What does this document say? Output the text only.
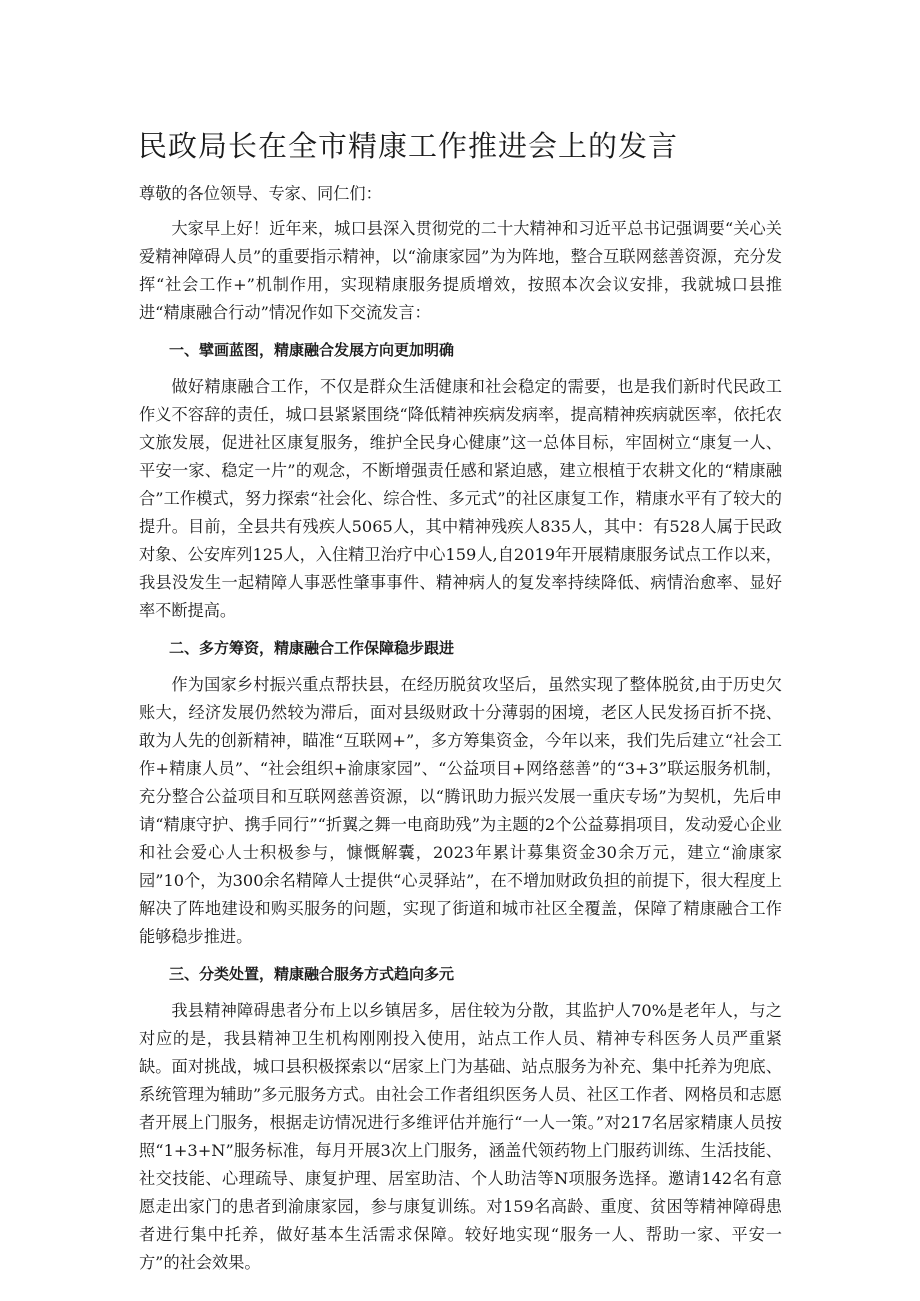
民政局长在全市精康工作推进会上的发言

尊敬的各位领导、专家、同仁们：

大家早上好！近年来，城口县深入贯彻党的二十大精神和习近平总书记强调要“关心关爱精神障碍人员”的重要指示精神，以“渝康家园”为为阵地，整合互联网慈善资源，充分发挥“社会工作+”机制作用，实现精康服务提质增效，按照本次会议安排，我就城口县推进“精康融合行动”情况作如下交流发言：

一、擘画蓝图，精康融合发展方向更加明确

做好精康融合工作，不仅是群众生活健康和社会稳定的需要，也是我们新时代民政工作义不容辞的责任，城口县紧紧围绕“降低精神疾病发病率，提高精神疾病就医率，依托农文旅发展，促进社区康复服务，维护全民身心健康”这一总体目标，牢固树立“康复一人、平安一家、稳定一片”的观念，不断增强责任感和紧迫感，建立根植于农耕文化的“精康融合”工作模式，努力探索“社会化、综合性、多元式”的社区康复工作，精康水平有了较大的提升。目前，全县共有残疾人5065人，其中精神残疾人835人，其中：有528人属于民政对象、公安库列125人，入住精卫治疗中心159人,自2019年开展精康服务试点工作以来，我县没发生一起精障人事恶性肇事事件、精神病人的复发率持续降低、病情治愈率、显好率不断提高。

二、多方筹资，精康融合工作保障稳步跟进

作为国家乡村振兴重点帮扶县，在经历脱贫攻坚后，虽然实现了整体脱贫,由于历史欠账大，经济发展仍然较为滞后，面对县级财政十分薄弱的困境，老区人民发扬百折不挠、敢为人先的创新精神，瞄准“互联网+”，多方筹集资金，今年以来，我们先后建立“社会工作+精康人员”、“社会组织+渝康家园”、“公益项目+网络慈善”的“3+3”联运服务机制，充分整合公益项目和互联网慈善资源，以“腾讯助力振兴发展一重庆专场”为契机，先后申请“精康守护、携手同行”“折翼之舞一电商助残”为主题的2个公益募捐项目，发动爱心企业和社会爱心人士积极参与，慷慨解囊，2023年累计募集资金30余万元，建立“渝康家园”10个，为300余名精障人士提供“心灵驿站”，在不增加财政负担的前提下，很大程度上解决了阵地建设和购买服务的问题，实现了街道和城市社区全覆盖，保障了精康融合工作能够稳步推进。

三、分类处置，精康融合服务方式趋向多元

我县精神障碍患者分布上以乡镇居多，居住较为分散，其监护人70%是老年人，与之对应的是，我县精神卫生机构刚刚投入使用，站点工作人员、精神专科医务人员严重紧缺。面对挑战，城口县积极探索以“居家上门为基础、站点服务为补充、集中托养为兜底、系统管理为辅助”多元服务方式。由社会工作者组织医务人员、社区工作者、网格员和志愿者开展上门服务，根据走访情况进行多维评估并施行“一人一策。”对217名居家精康人员按照“1+3+N”服务标准，每月开展3次上门服务，涵盖代领药物上门服药训练、生活技能、社交技能、心理疏导、康复护理、居室助洁、个人助洁等N项服务选择。邀请142名有意愿走出家门的患者到渝康家园，参与康复训练。对159名高龄、重度、贫困等精神障碍患者进行集中托养，做好基本生活需求保障。较好地实现“服务一人、帮助一家、平安一方”的社会效果。
